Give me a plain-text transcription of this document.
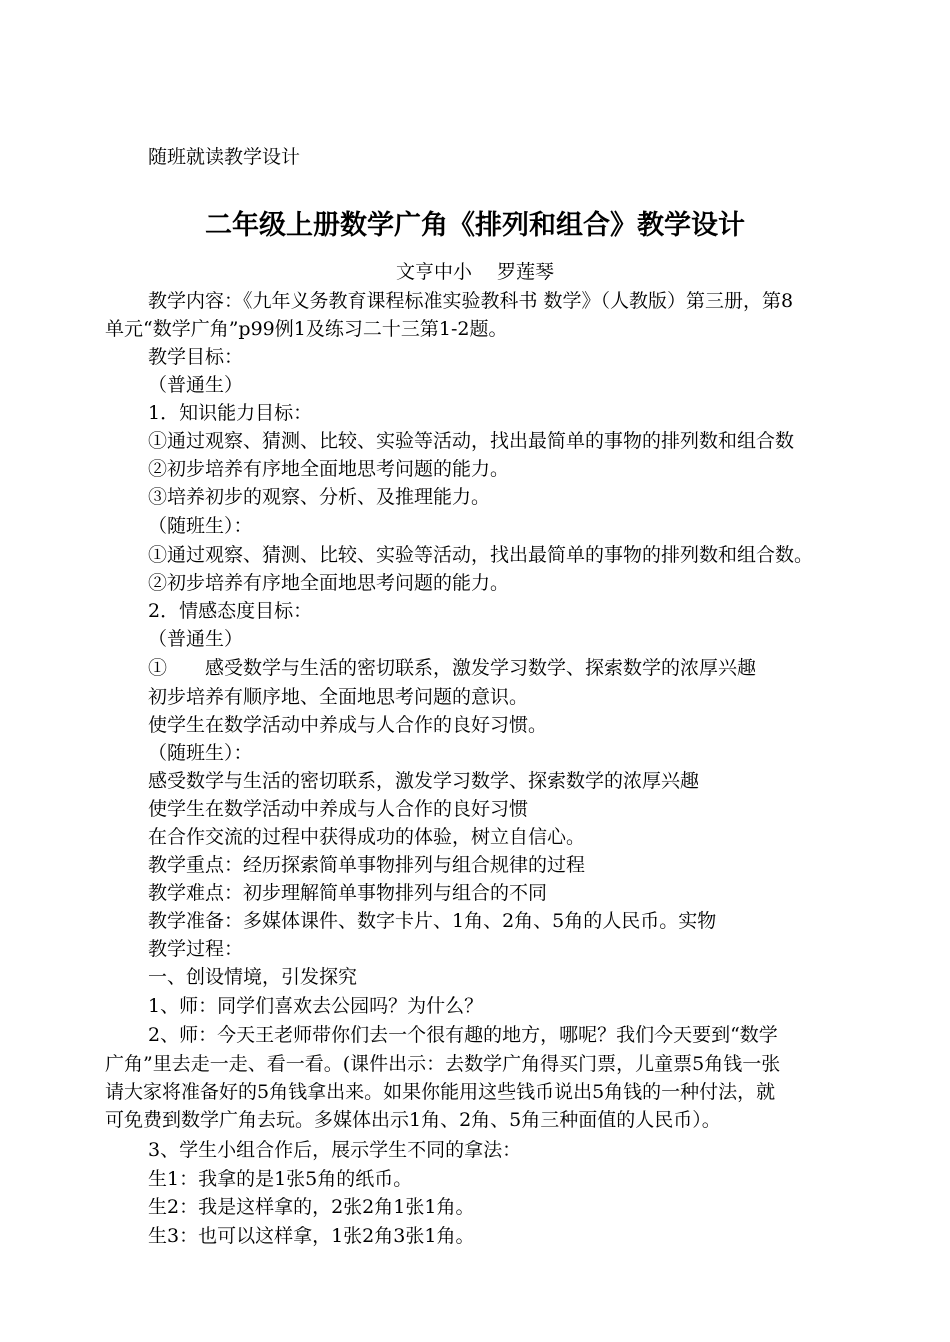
随班就读教学设计
二年级上册数学广角《排列和组合》教学设计
文亨中小　 罗莲琴
教学内容：《九年义务教育课程标准实验教科书 数学》（人教版）第三册，第8
单元“数学广角”p99例1及练习二十三第1-2题。
教学目标：
（普通生）
1．知识能力目标：
①通过观察、猜测、比较、实验等活动，找出最简单的事物的排列数和组合数
②初步培养有序地全面地思考问题的能力。
③培养初步的观察、分析、及推理能力。
（随班生）：
①通过观察、猜测、比较、实验等活动，找出最简单的事物的排列数和组合数。
②初步培养有序地全面地思考问题的能力。
2．情感态度目标：
（普通生）
①　　感受数学与生活的密切联系，激发学习数学、探索数学的浓厚兴趣
初步培养有顺序地、全面地思考问题的意识。
使学生在数学活动中养成与人合作的良好习惯。
（随班生）：
感受数学与生活的密切联系，激发学习数学、探索数学的浓厚兴趣
使学生在数学活动中养成与人合作的良好习惯
在合作交流的过程中获得成功的体验，树立自信心。
教学重点：经历探索简单事物排列与组合规律的过程
教学难点：初步理解简单事物排列与组合的不同
教学准备：多媒体课件、数字卡片、1角、2角、5角的人民币。实物
教学过程：
一、创设情境，引发探究
1、师：同学们喜欢去公园吗？为什么？
2、师：今天王老师带你们去一个很有趣的地方，哪呢？我们今天要到“数学
广角”里去走一走、看一看。(课件出示：去数学广角得买门票，儿童票5角钱一张
请大家将准备好的5角钱拿出来。如果你能用这些钱币说出5角钱的一种付法，就
可免费到数学广角去玩。多媒体出示1角、2角、5角三种面值的人民币）。
3、学生小组合作后，展示学生不同的拿法：
生1：我拿的是1张5角的纸币。
生2：我是这样拿的，2张2角1张1角。
生3：也可以这样拿，1张2角3张1角。
